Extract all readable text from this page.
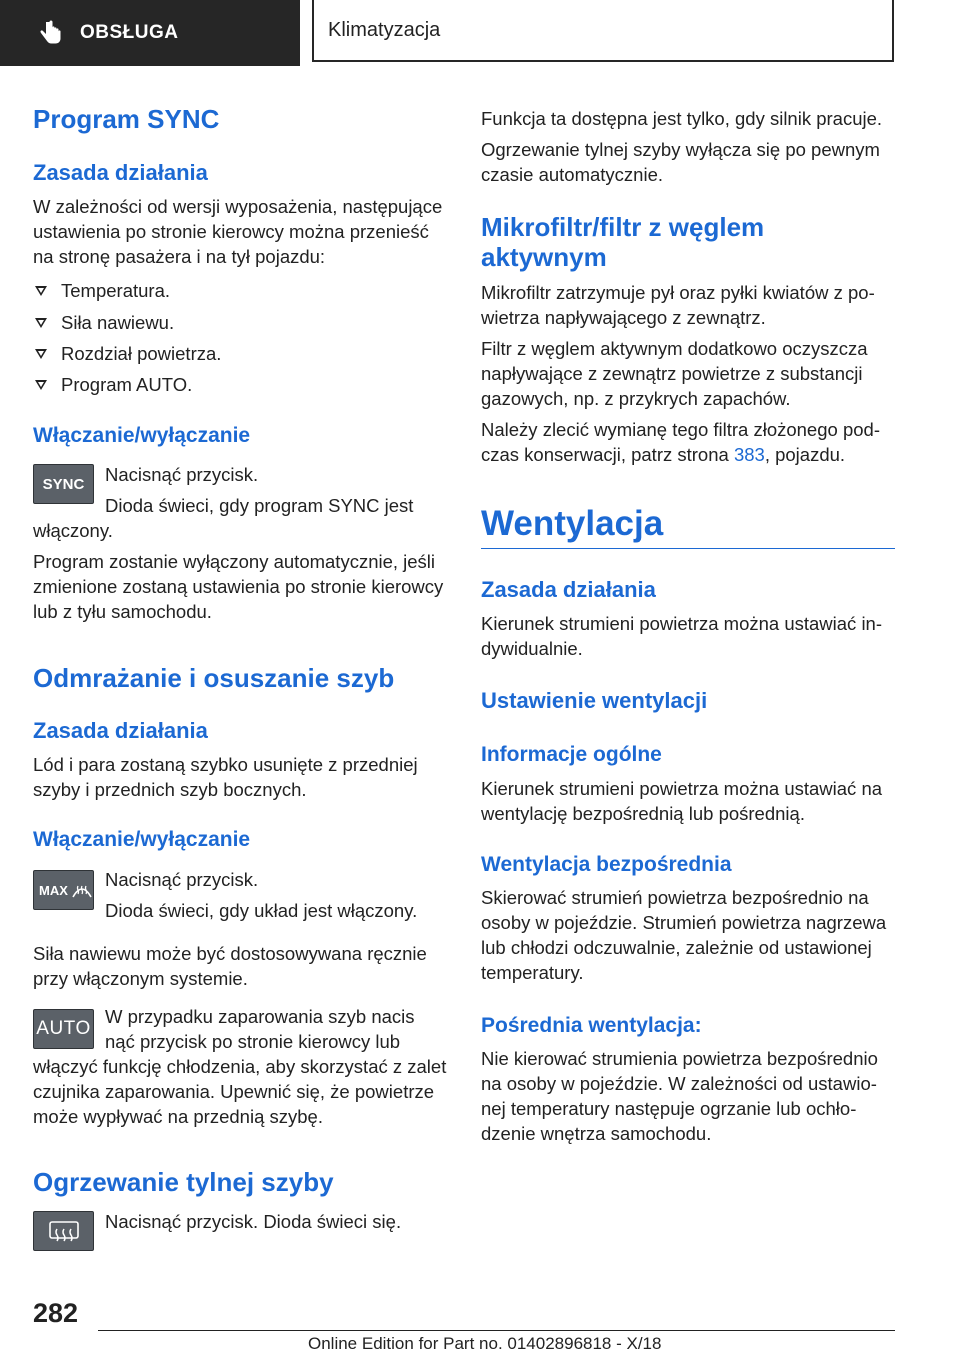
OBSŁUGA	Klimatyzacja
Program SYNC
Zasada działania
W zależności od wersji wyposażenia, następujące ustawienia po stronie kierowcy można przenieść na stronę pasażera i na tył pojazdu:
Temperatura.
Siła nawiewu.
Rozdział powietrza.
Program AUTO.
Włączanie/wyłączanie
SYNC	Nacisnąć przycisk.
Dioda świeci, gdy program SYNC jest
włączony.
Program zostanie wyłączony automatycznie, jeśli zmienione zostaną ustawienia po stronie kierowcy lub z tyłu samochodu.
Odmrażanie i osuszanie szyb
Zasada działania
Lód i para zostaną szybko usunięte z przedniej szyby i przednich szyb bocznych.
Włączanie/wyłączanie
MAX	Nacisnąć przycisk.
Dioda świeci, gdy układ jest włączony.
Siła nawiewu może być dostosowywana ręcznie przy włączonym systemie.
AUTO
W przypadku zaparowania szyb nacis
nąć przycisk po stronie kierowcy lub
włączyć funkcję chłodzenia, aby skorzystać z zalet czujnika zaparowania. Upewnić się, że powietrze może wypływać na przednią szybę.
Ogrzewanie tylnej szyby
Nacisnąć przycisk. Dioda świeci się.
Funkcja ta dostępna jest tylko, gdy silnik pracuje.
Ogrzewanie tylnej szyby wyłącza się po pewnym czasie automatycznie.
Mikrofiltr/filtr z węglem
aktywnym
Mikrofiltr zatrzymuje pył oraz pyłki kwiatów z powietrza napływającego z zewnątrz.
Filtr z węglem aktywnym dodatkowo oczyszcza napływające z zewnątrz powietrze z substancji gazowych, np. z przykrych zapachów.
Należy zlecić wymianę tego filtra złożonego podczas konserwacji, patrz strona 383, pojazdu.
Wentylacja
Zasada działania
Kierunek strumieni powietrza można ustawiać indywidualnie.
Ustawienie wentylacji
Informacje ogólne
Kierunek strumieni powietrza można ustawiać na wentylację bezpośrednią lub pośrednią.
Wentylacja bezpośrednia
Skierować strumień powietrza bezpośrednio na osoby w pojeździe. Strumień powietrza nagrzewa lub chłodzi odczuwalnie, zależnie od ustawionej temperatury.
Pośrednia wentylacja:
Nie kierować strumienia powietrza bezpośrednio na osoby w pojeździe. W zależności od ustawionej temperatury następuje ogrzanie lub ochłodzenie wnętrza samochodu.
282
Online Edition for Part no. 01402896818 - X/18
